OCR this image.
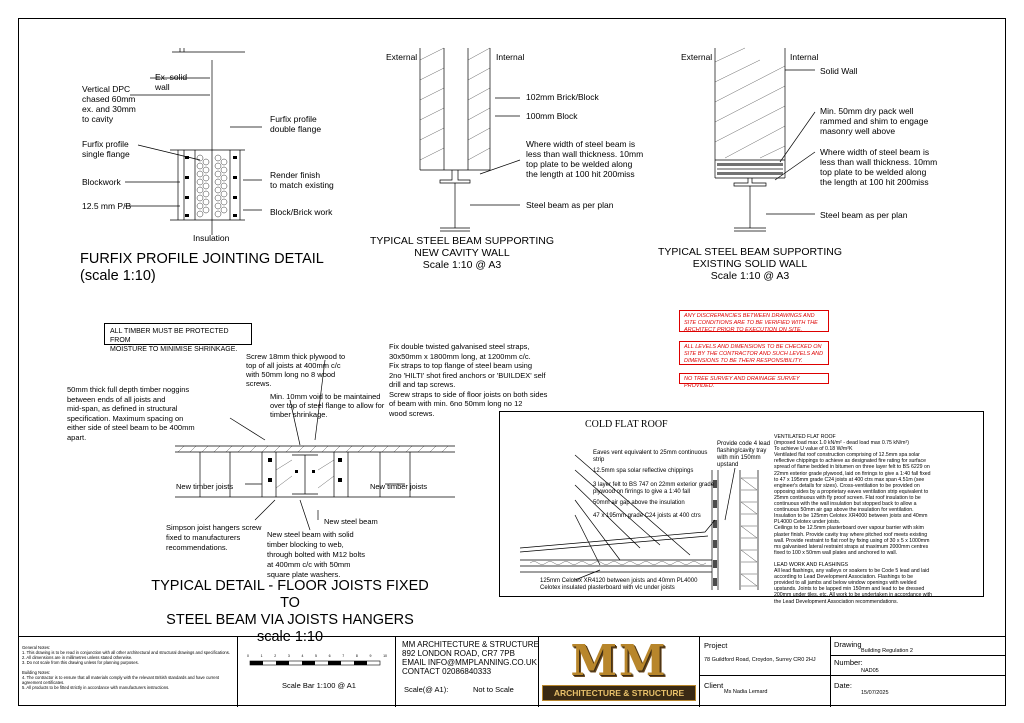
Ex. solid
wall
Vertical DPC
chased 60mm
ex. and 30mm
to cavity	Furfix profile
double flange
Furfix profile
single flange
Blockwork
Render finish
to match existing
12.5 mm P/B
Block/Brick work
Insulation
FURFIX PROFILE JOINTING DETAIL
(scale 1:10)
External	Internal
102mm Brick/Block
100mm Block
Where width of steel beam is
less than wall thickness. 10mm
top plate to be welded along
the length at 100 hit 200miss
Steel beam as per plan
TYPICAL STEEL BEAM SUPPORTING
NEW CAVITY WALL
Scale 1:10 @ A3
External	Internal
Solid Wall
Min. 50mm dry pack well
rammed and shim to engage
masonry well above
Where width of steel beam is
less than wall thickness. 10mm
top plate to be welded along
the length at 100 hit 200miss
Steel beam as per plan
TYPICAL STEEL BEAM SUPPORTING
EXISTING SOLID WALL
Scale 1:10 @ A3
ANY DISCREPANCIES BETWEEN DRAWINGS AND SITE CONDITIONS ARE TO BE VERIFIED WITH THE ARCHITECT PRIOR TO EXECUTION ON SITE.
ALL LEVELS AND DIMENSIONS TO BE CHECKED ON SITE BY THE CONTRACTOR AND SUCH LEVELS AND DIMENSIONS TO BE THEIR RESPONSIBILITY.
NO TREE SURVEY AND DRAINAGE SURVEY PROVIDED.
ALL TIMBER MUST BE PROTECTED FROM
MOISTURE TO MINIMISE SHRINKAGE.
Screw 18mm thick plywood to
top of all joists at 400mm c/c
with 50mm long no 8 wood
screws.
Fix double twisted galvanised steel straps,
30x50mm x 1800mm long, at 1200mm c/c.
Fix straps to top flange of steel beam using
2no 'HILTI' shot fired anchors or 'BUILDEX' self
drill and tap screws.
Screw straps to side of floor joists on both sides
of beam with min. 6no 50mm long no 12
wood screws.
50mm thick full depth timber noggins
between ends of all joists and
mid-span, as defined in structural
specification. Maximum spacing on
either side of steel beam to be 400mm
apart.
Min. 10mm void to be maintained
over top of steel flange to allow for
timber shrinkage.
New timber joists	New timber joists
New steel beam
Simpson joist hangers screw
fixed to manufacturers
recommendations.
New steel beam with solid
timber blocking to web,
through bolted with M12 bolts
at 400mm c/c with 50mm
square plate washers.
TYPICAL DETAIL - FLOOR JOISTS FIXED TO
STEEL BEAM VIA JOISTS HANGERS
scale 1:10
COLD FLAT ROOF
Eaves vent equivalent to 25mm continuous
strip
12.5mm spa solar reflective chippings
3 layer felt to BS 747 on 22mm exterior grade
plywood on firrings to give a 1:40 fall
50mm air gap above the insulation
47 x 195mm grade C24 joists at 400 ctrs
125mm Celotex XR4120 between joists and 40mm PL4000
Celotex insulated plasterboard with vlc under joists
Provide code 4 lead
flashing/cavity tray
with min 150mm
upstand
VENTILATED FLAT ROOF
(imposed load max 1.0 kN/m² - dead load max 0.75 kN/m²)
To achieve U value of 0.18 W/m²K
Ventilated flat roof construction comprising of 12.5mm spa solar
reflective chippings to achieve as designated fire rating for surface
spread of flame bedded in bitumen on three layer felt to BS 6229 on
22mm exterior grade plywood, laid on firrings to give a 1:40 fall fixed
to 47 x 195mm grade C24 joists at 400 ctrs max span 4.51m (see
engineer's details for sizes). Cross-ventilation to be provided on
opposing sides by a proprietary eaves ventilation strip equivalent to
25mm continuous with fly proof screen. Flat roof insulation to be
continuous with the wall insulation but stopped back to allow a
continuous 50mm air gap above the insulation for ventilation.
Insulation to be 125mm Celotex XR4000 between joists and 40mm
PL4000 Celotex under joists.
Ceilings to be 12.5mm plasterboard over vapour barrier with skim
plaster finish. Provide cavity tray where pitched roof meets existing
wall. Provide restraint to flat roof by fixing using of 30 x 5 x 1000mm
ms galvanised lateral restraint straps at maximum 2000mm centres
fixed to 100 x 50mm wall plates and anchored to wall.

LEAD WORK AND FLASHINGS
All lead flashings, any valleys or soakers to be Code 5 lead and laid
according to Lead Development Association. Flashings to be
provided to all jambs and below window openings with welded
upstands. Joints to be lapped min 150mm and lead to be dressed
200mm under tiles, etc. All work to be undertaken in accordance with
the Lead Development Association recommendations.
General Notes:
1. This drawing is to be read in conjunction with all other architectural and structural drawings and specifications.
2. All dimensions are in millimetres unless stated otherwise.
3. Do not scale from this drawing unless for planning purposes.

Building Notes:
4. The contractor is to ensure that all materials comply with the relevant British standards and have current
agreement certificates.
5. All products to be fitted strictly in accordance with manufacturers instructions.
0	1	2	3	4	5	6	7	8	9	10
Scale Bar 1:100 @ A1
MM ARCHITECTURE & STRUCTURE
892 LONDON ROAD, CR7 7PB
EMAIL INFO@MMPLANNING.CO.UK
CONTACT 02086840333
Scale(@ A1):	Not to Scale
MM
ARCHITECTURE & STRUCTURE
Project
78 Guildford Road, Croydon, Surrey CR0 2HJ
Client
Ms Nadia Lemard
Drawing
Building Regulation 2
Number:
NAD05
Date:
15/07/2025
